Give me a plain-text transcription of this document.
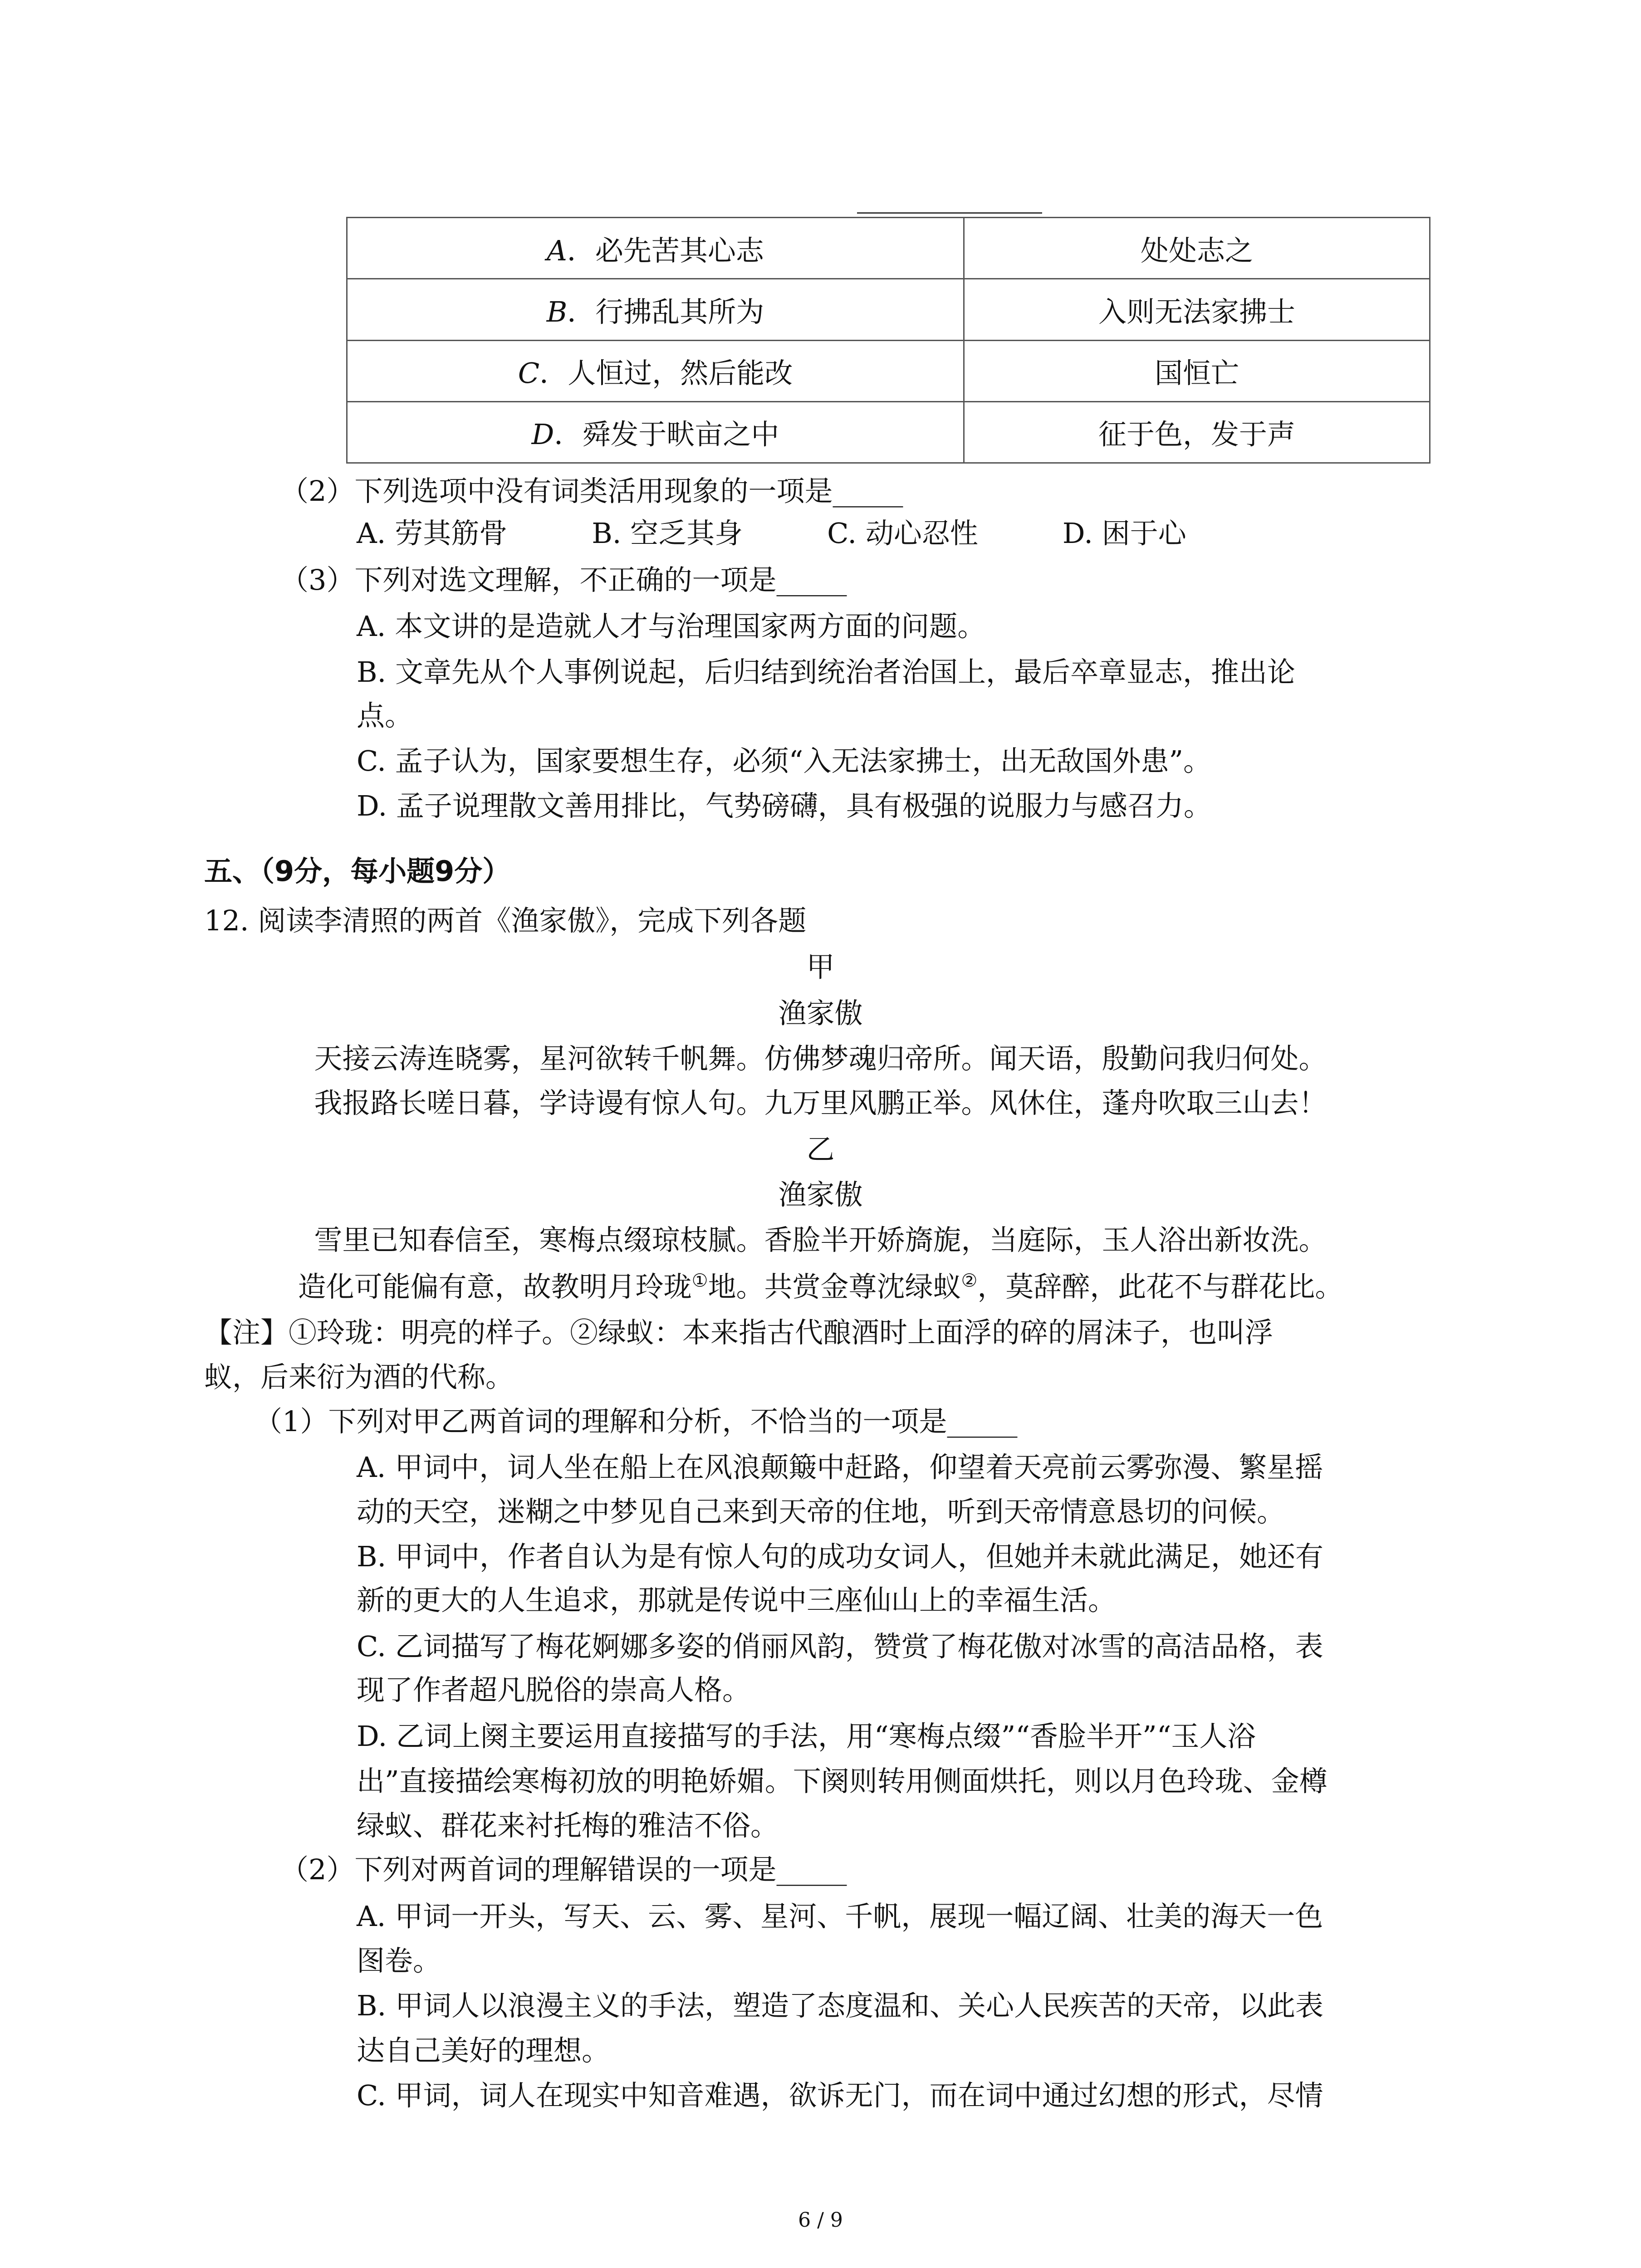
A．必先苦其心志	处处志之
B．行拂乱其所为	入则无法家拂士
C．人恒过，然后能改	国恒亡
D．舜发于畎亩之中	征于色，发于声
（2）下列选项中没有词类活用现象的一项是_____
A. 劳其筋骨　　　B. 空乏其身　　　C. 动心忍性　　　D. 困于心
（3）下列对选文理解，不正确的一项是_____
A. 本文讲的是造就人才与治理国家两方面的问题。
B. 文章先从个人事例说起，后归结到统治者治国上，最后卒章显志，推出论
点。
C. 孟子认为，国家要想生存，必须“入无法家拂士，出无敌国外患”。
D. 孟子说理散文善用排比，气势磅礴，具有极强的说服力与感召力。
五、（9分，每小题9分）
12. 阅读李清照的两首《渔家傲》，完成下列各题
甲
渔家傲
天接云涛连晓雾，星河欲转千帆舞。仿佛梦魂归帝所。闻天语，殷勤问我归何处。
我报路长嗟日暮，学诗谩有惊人句。九万里风鹏正举。风休住，蓬舟吹取三山去！
乙
渔家傲
雪里已知春信至，寒梅点缀琼枝腻。香脸半开娇旖旎，当庭际，玉人浴出新妆洗。
造化可能偏有意，故教明月玲珑①地。共赏金尊沈绿蚁②，莫辞醉，此花不与群花比。
【注】①玲珑：明亮的样子。②绿蚁：本来指古代酿酒时上面浮的碎的屑沫子，也叫浮
蚁，后来衍为酒的代称。
（1）下列对甲乙两首词的理解和分析，不恰当的一项是_____
A. 甲词中，词人坐在船上在风浪颠簸中赶路，仰望着天亮前云雾弥漫、繁星摇
动的天空，迷糊之中梦见自己来到天帝的住地，听到天帝情意恳切的问候。
B. 甲词中，作者自认为是有惊人句的成功女词人，但她并未就此满足，她还有
新的更大的人生追求，那就是传说中三座仙山上的幸福生活。
C. 乙词描写了梅花婀娜多姿的俏丽风韵，赞赏了梅花傲对冰雪的高洁品格，表
现了作者超凡脱俗的崇高人格。
D. 乙词上阕主要运用直接描写的手法，用“寒梅点缀”“香脸半开”“玉人浴
出”直接描绘寒梅初放的明艳娇媚。下阕则转用侧面烘托，则以月色玲珑、金樽
绿蚁、群花来衬托梅的雅洁不俗。
（2）下列对两首词的理解错误的一项是_____
A. 甲词一开头，写天、云、雾、星河、千帆，展现一幅辽阔、壮美的海天一色
图卷。
B. 甲词人以浪漫主义的手法，塑造了态度温和、关心人民疾苦的天帝，以此表
达自己美好的理想。
C. 甲词，词人在现实中知音难遇，欲诉无门，而在词中通过幻想的形式，尽情
6 / 9
